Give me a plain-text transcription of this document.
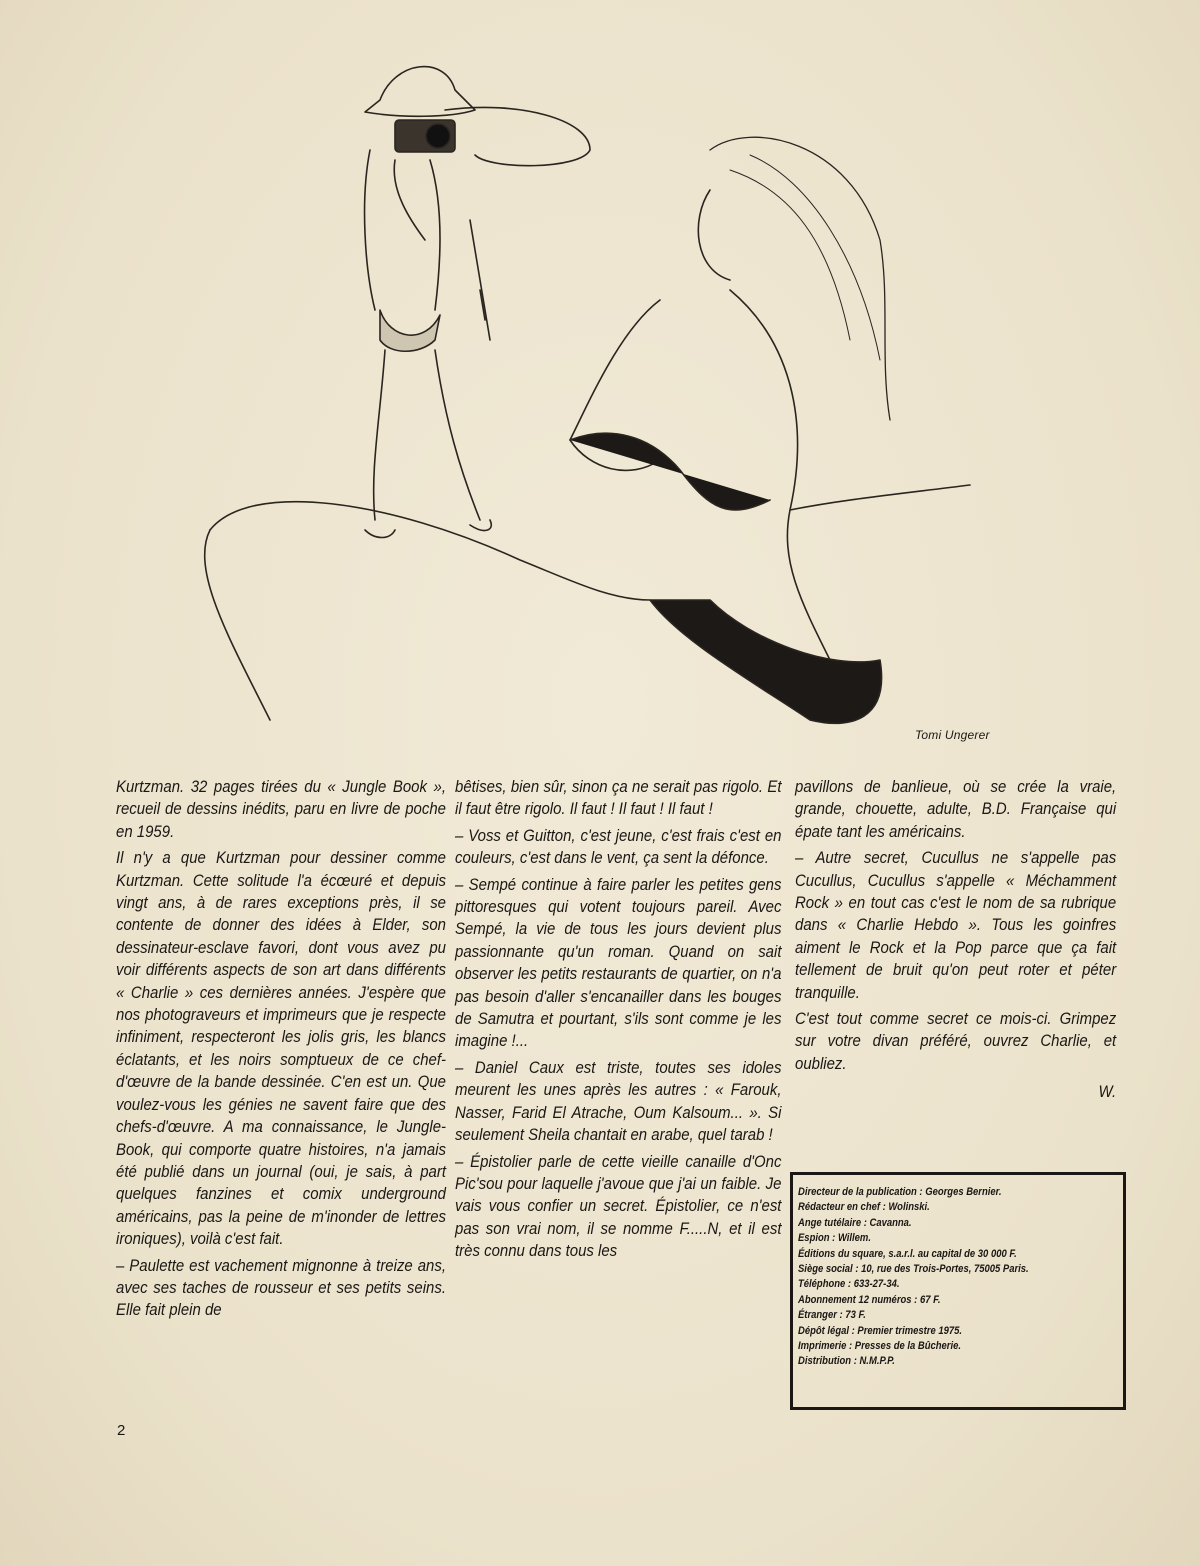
Tomi Ungerer

Kurtzman. 32 pages tirées du « Jungle Book », recueil de dessins inédits, paru en livre de poche en 1959.

Il n'y a que Kurtzman pour dessiner comme Kurtzman. Cette solitude l'a écœuré et depuis vingt ans, à de rares exceptions près, il se contente de donner des idées à Elder, son dessinateur-esclave favori, dont vous avez pu voir différents aspects de son art dans différents « Charlie » ces dernières années. J'espère que nos photograveurs et imprimeurs que je respecte infiniment, respecteront les jolis gris, les blancs éclatants, et les noirs somptueux de ce chef-d'œuvre de la bande dessinée. C'en est un. Que voulez-vous les génies ne savent faire que des chefs-d'œuvre. A ma connaissance, le Jungle-Book, qui comporte quatre histoires, n'a jamais été publié dans un journal (oui, je sais, à part quelques fanzines et comix underground américains, pas la peine de m'inonder de lettres ironiques), voilà c'est fait.

– Paulette est vachement mignonne à treize ans, avec ses taches de rousseur et ses petits seins. Elle fait plein de

bêtises, bien sûr, sinon ça ne serait pas rigolo. Et il faut être rigolo. Il faut ! Il faut ! Il faut !

– Voss et Guitton, c'est jeune, c'est frais c'est en couleurs, c'est dans le vent, ça sent la défonce.

– Sempé continue à faire parler les petites gens pittoresques qui votent toujours pareil. Avec Sempé, la vie de tous les jours devient plus passionnante qu'un roman. Quand on sait observer les petits restaurants de quartier, on n'a pas besoin d'aller s'encanailler dans les bouges de Samutra et pourtant, s'ils sont comme je les imagine !...

– Daniel Caux est triste, toutes ses idoles meurent les unes après les autres : « Farouk, Nasser, Farid El Atrache, Oum Kalsoum... ». Si seulement Sheila chantait en arabe, quel tarab !

– Épistolier parle de cette vieille canaille d'Onc Pic'sou pour laquelle j'avoue que j'ai un faible. Je vais vous confier un secret. Épistolier, ce n'est pas son vrai nom, il se nomme F.....N, et il est très connu dans tous les

pavillons de banlieue, où se crée la vraie, grande, chouette, adulte, B.D. Française qui épate tant les américains.

– Autre secret, Cucullus ne s'appelle pas Cucullus, Cucullus s'appelle « Méchamment Rock » en tout cas c'est le nom de sa rubrique dans « Charlie Hebdo ». Tous les goinfres aiment le Rock et la Pop parce que ça fait tellement de bruit qu'on peut roter et péter tranquille.

C'est tout comme secret ce mois-ci. Grimpez sur votre divan préféré, ouvrez Charlie, et oubliez.

W.

Directeur de la publication : Georges Bernier.
Rédacteur en chef : Wolinski.
Ange tutélaire : Cavanna.
Espion : Willem.
Éditions du square, s.a.r.l. au capital de 30 000 F.
Siège social : 10, rue des Trois-Portes, 75005 Paris.
Téléphone : 633-27-34.
Abonnement 12 numéros : 67 F.
Étranger : 73 F.
Dépôt légal : Premier trimestre 1975.
Imprimerie : Presses de la Bûcherie.
Distribution : N.M.P.P.
2
